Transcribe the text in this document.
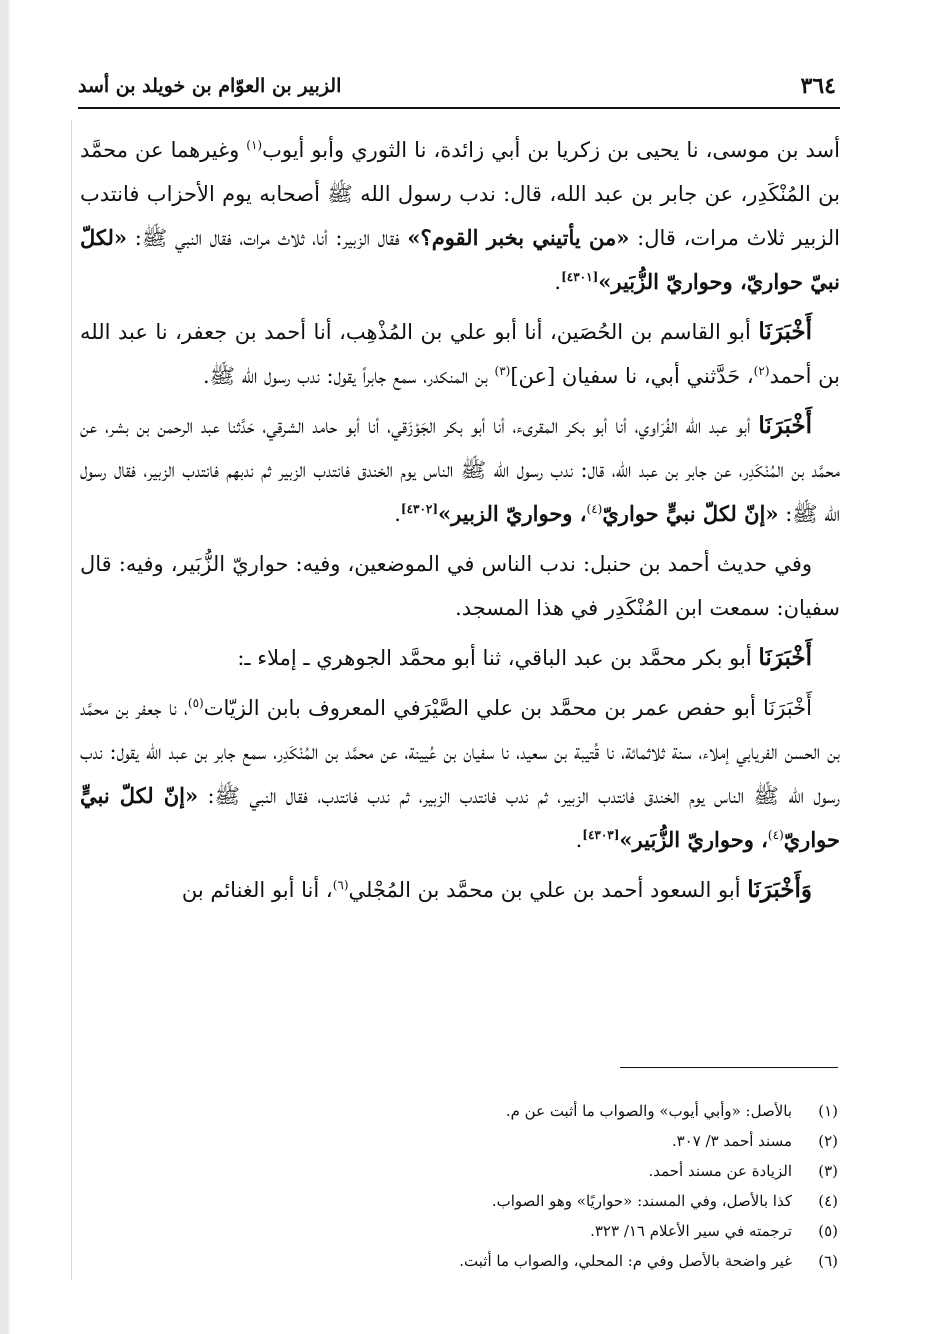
٣٦٤
الزبير بن العوّام بن خويلد بن أسد

أسد بن موسى، نا يحيى بن زكريا بن أبي زائدة، نا الثوري وأبو أيوب$^{(١)}$ وغيرهما عن محمَّد بن المُنْكَدِر، عن جابر بن عبد الله، قال: ندب رسول الله ﷺ أصحابه يوم الأحزاب فانتدب الزبير ثلاث مرات، قال: «من يأتيني بخبر القوم؟» فقال الزبير: أنا، ثلاث مرات، فقال النبي ﷺ: «لكلّ نبيّ حواريّ، وحواريّ الزُّبَير»[٤٣٠١].

أَخْبَرَنَا أبو القاسم بن الحُصَين، أنا أبو علي بن المُذْهِب، أنا أحمد بن جعفر، نا عبد الله بن أحمد$^{(٢)}$، حَدَّثني أبي، نا سفيان [عن]$^{(٣)}$ بن المنكدر، سمع جابراً يقول: ندب رسول الله ﷺ.

أَخْبَرَنَا أبو عبد الله الفُرَاوي، أنا أبو بكر المقرىء، أنا أبو بكر الجَوْزَقي، أنا أبو حامد الشرقي، حَدَّثنا عبد الرحمن بن بشر، عن محمَّد بن المُنْكَدِر، عن جابر بن عبد الله، قال: ندب رسول الله ﷺ الناس يوم الخندق فانتدب الزبير ثم ندبهم فانتدب الزبير، فقال رسول الله ﷺ: «إنّ لكلّ نبيٍّ حواريّ$^{(٤)}$، وحواريّ الزبير»[٤٣٠٢].

وفي حديث أحمد بن حنبل: ندب الناس في الموضعين، وفيه: حواريّ الزُّبَير، وفيه: قال سفيان: سمعت ابن المُنْكَدِر في هذا المسجد.

أَخْبَرَنَا أبو بكر محمَّد بن عبد الباقي، ثنا أبو محمَّد الجوهري ـ إملاء ـ:

أَخْبَرَنَا أبو حفص عمر بن محمَّد بن علي الصَّيْرَفي المعروف بابن الزيّات$^{(٥)}$، نا جعفر بن محمَّد بن الحسن الفريابي إملاء، سنة ثلاثمائة، نا قُتيبة بن سعيد، نا سفيان بن عُيينة، عن محمَّد بن المُنْكَدِر، سمع جابر بن عبد الله يقول: ندب رسول الله ﷺ الناس يوم الخندق فانتدب الزبير، ثم ندب فانتدب الزبير، ثم ندب فانتدب، فقال النبي ﷺ: «إنّ لكلّ نبيٍّ حواريّ$^{(٤)}$، وحواريّ الزُّبَير»[٤٣٠٣].

وَأَخْبَرَنَا أبو السعود أحمد بن علي بن محمَّد بن المُجْلي$^{(٦)}$، أنا أبو الغنائم بن

(١)
بالأصل: «وأبي أيوب» والصواب ما أثبت عن م.
(٢)
مسند أحمد ٣/ ٣٠٧.
(٣)
الزيادة عن مسند أحمد.
(٤)
كذا بالأصل، وفي المسند: «حواريًا» وهو الصواب.
(٥)
ترجمته في سير الأعلام ١٦/ ٣٢٣.
(٦)
غير واضحة بالأصل وفي م: المحلي، والصواب ما أثبت.
